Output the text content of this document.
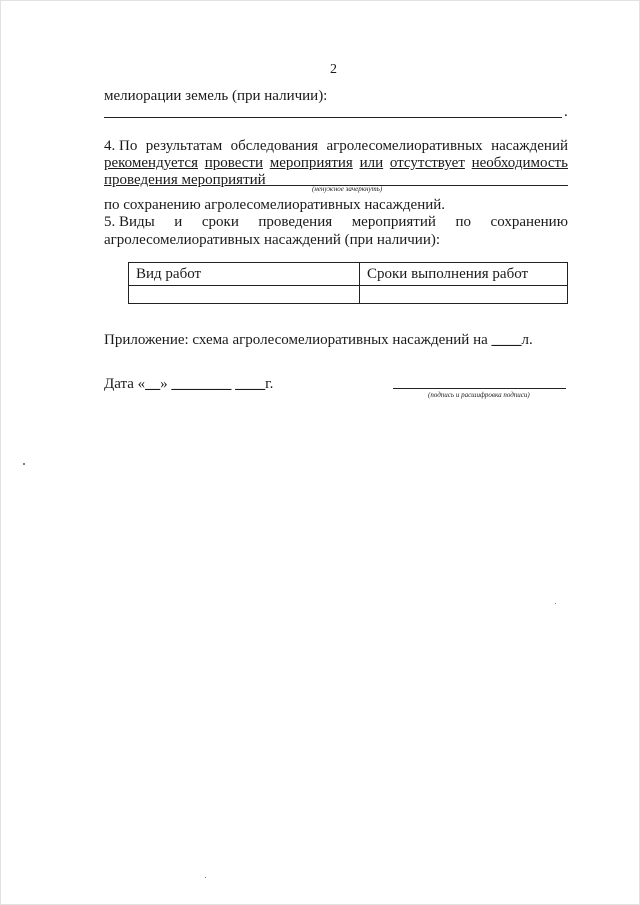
2
мелиорации земель (при наличии):
.
4. По результатам обследования агролесомелиоративных насаждений
рекомендуется провести мероприятия или отсутствует необходимость
проведения мероприятий
(ненужное зачеркнуть)
по сохранению агролесомелиоративных насаждений.
5. Виды и сроки проведения мероприятий по сохранению
агролесомелиоративных насаждений (при наличии):
Вид работ	Сроки выполнения работ

Приложение: схема агролесомелиоративных насаждений на ____л.
Дата «__» ________ ____г.
(подпись и расшифровка подписи)
